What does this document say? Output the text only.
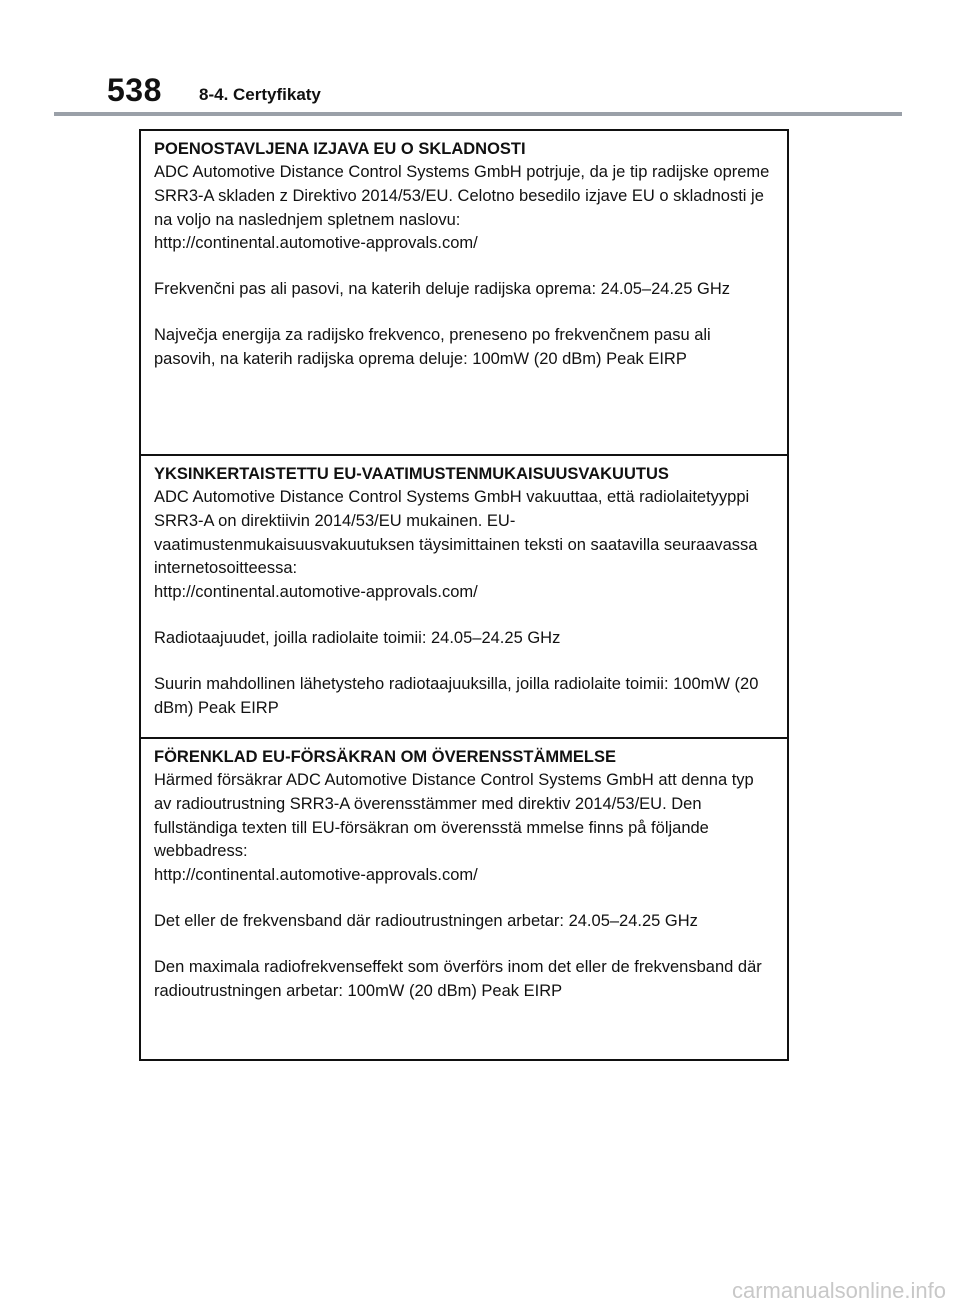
538 8-4. Certyfikaty

POENOSTAVLJENA IZJAVA EU O SKLADNOSTI

ADC Automotive Distance Control Systems GmbH potrjuje, da je tip radijske opreme SRR3-A skladen z Direktivo 2014/53/EU. Celotno besedilo izjave EU o skladnosti je na voljo na naslednjem spletnem naslovu:

http://continental.automotive-approvals.com/

Frekvenčni pas ali pasovi, na katerih deluje radijska oprema: 24.05–24.25 GHz

Največja energija za radijsko frekvenco, preneseno po frekvenčnem pasu ali pasovih, na katerih radijska oprema deluje: 100mW (20 dBm) Peak EIRP

YKSINKERTAISTETTU EU-VAATIMUSTENMUKAISUUSVAKUUTUS

ADC Automotive Distance Control Systems GmbH vakuuttaa, että radiolaitetyyppi SRR3-A on direktiivin 2014/53/EU mukainen. EU-vaatimustenmukaisuusvakuutuksen täysimittainen teksti on saatavilla seuraavassa internetosoitteessa:

http://continental.automotive-approvals.com/

Radiotaajuudet, joilla radiolaite toimii: 24.05–24.25 GHz

Suurin mahdollinen lähetysteho radiotaajuuksilla, joilla radiolaite toimii: 100mW (20 dBm) Peak EIRP

FÖRENKLAD EU-FÖRSÄKRAN OM ÖVERENSSTÄMMELSE

Härmed försäkrar ADC Automotive Distance Control Systems GmbH att denna typ av radioutrustning SRR3-A överensstämmer med direktiv 2014/53/EU. Den fullständiga texten till EU-försäkran om överensstä mmelse finns på följande webbadress:

http://continental.automotive-approvals.com/

Det eller de frekvensband där radioutrustningen arbetar: 24.05–24.25 GHz

Den maximala radiofrekvenseffekt som överförs inom det eller de frekvensband där radioutrustningen arbetar: 100mW (20 dBm) Peak EIRP

carmanualsonline.info
